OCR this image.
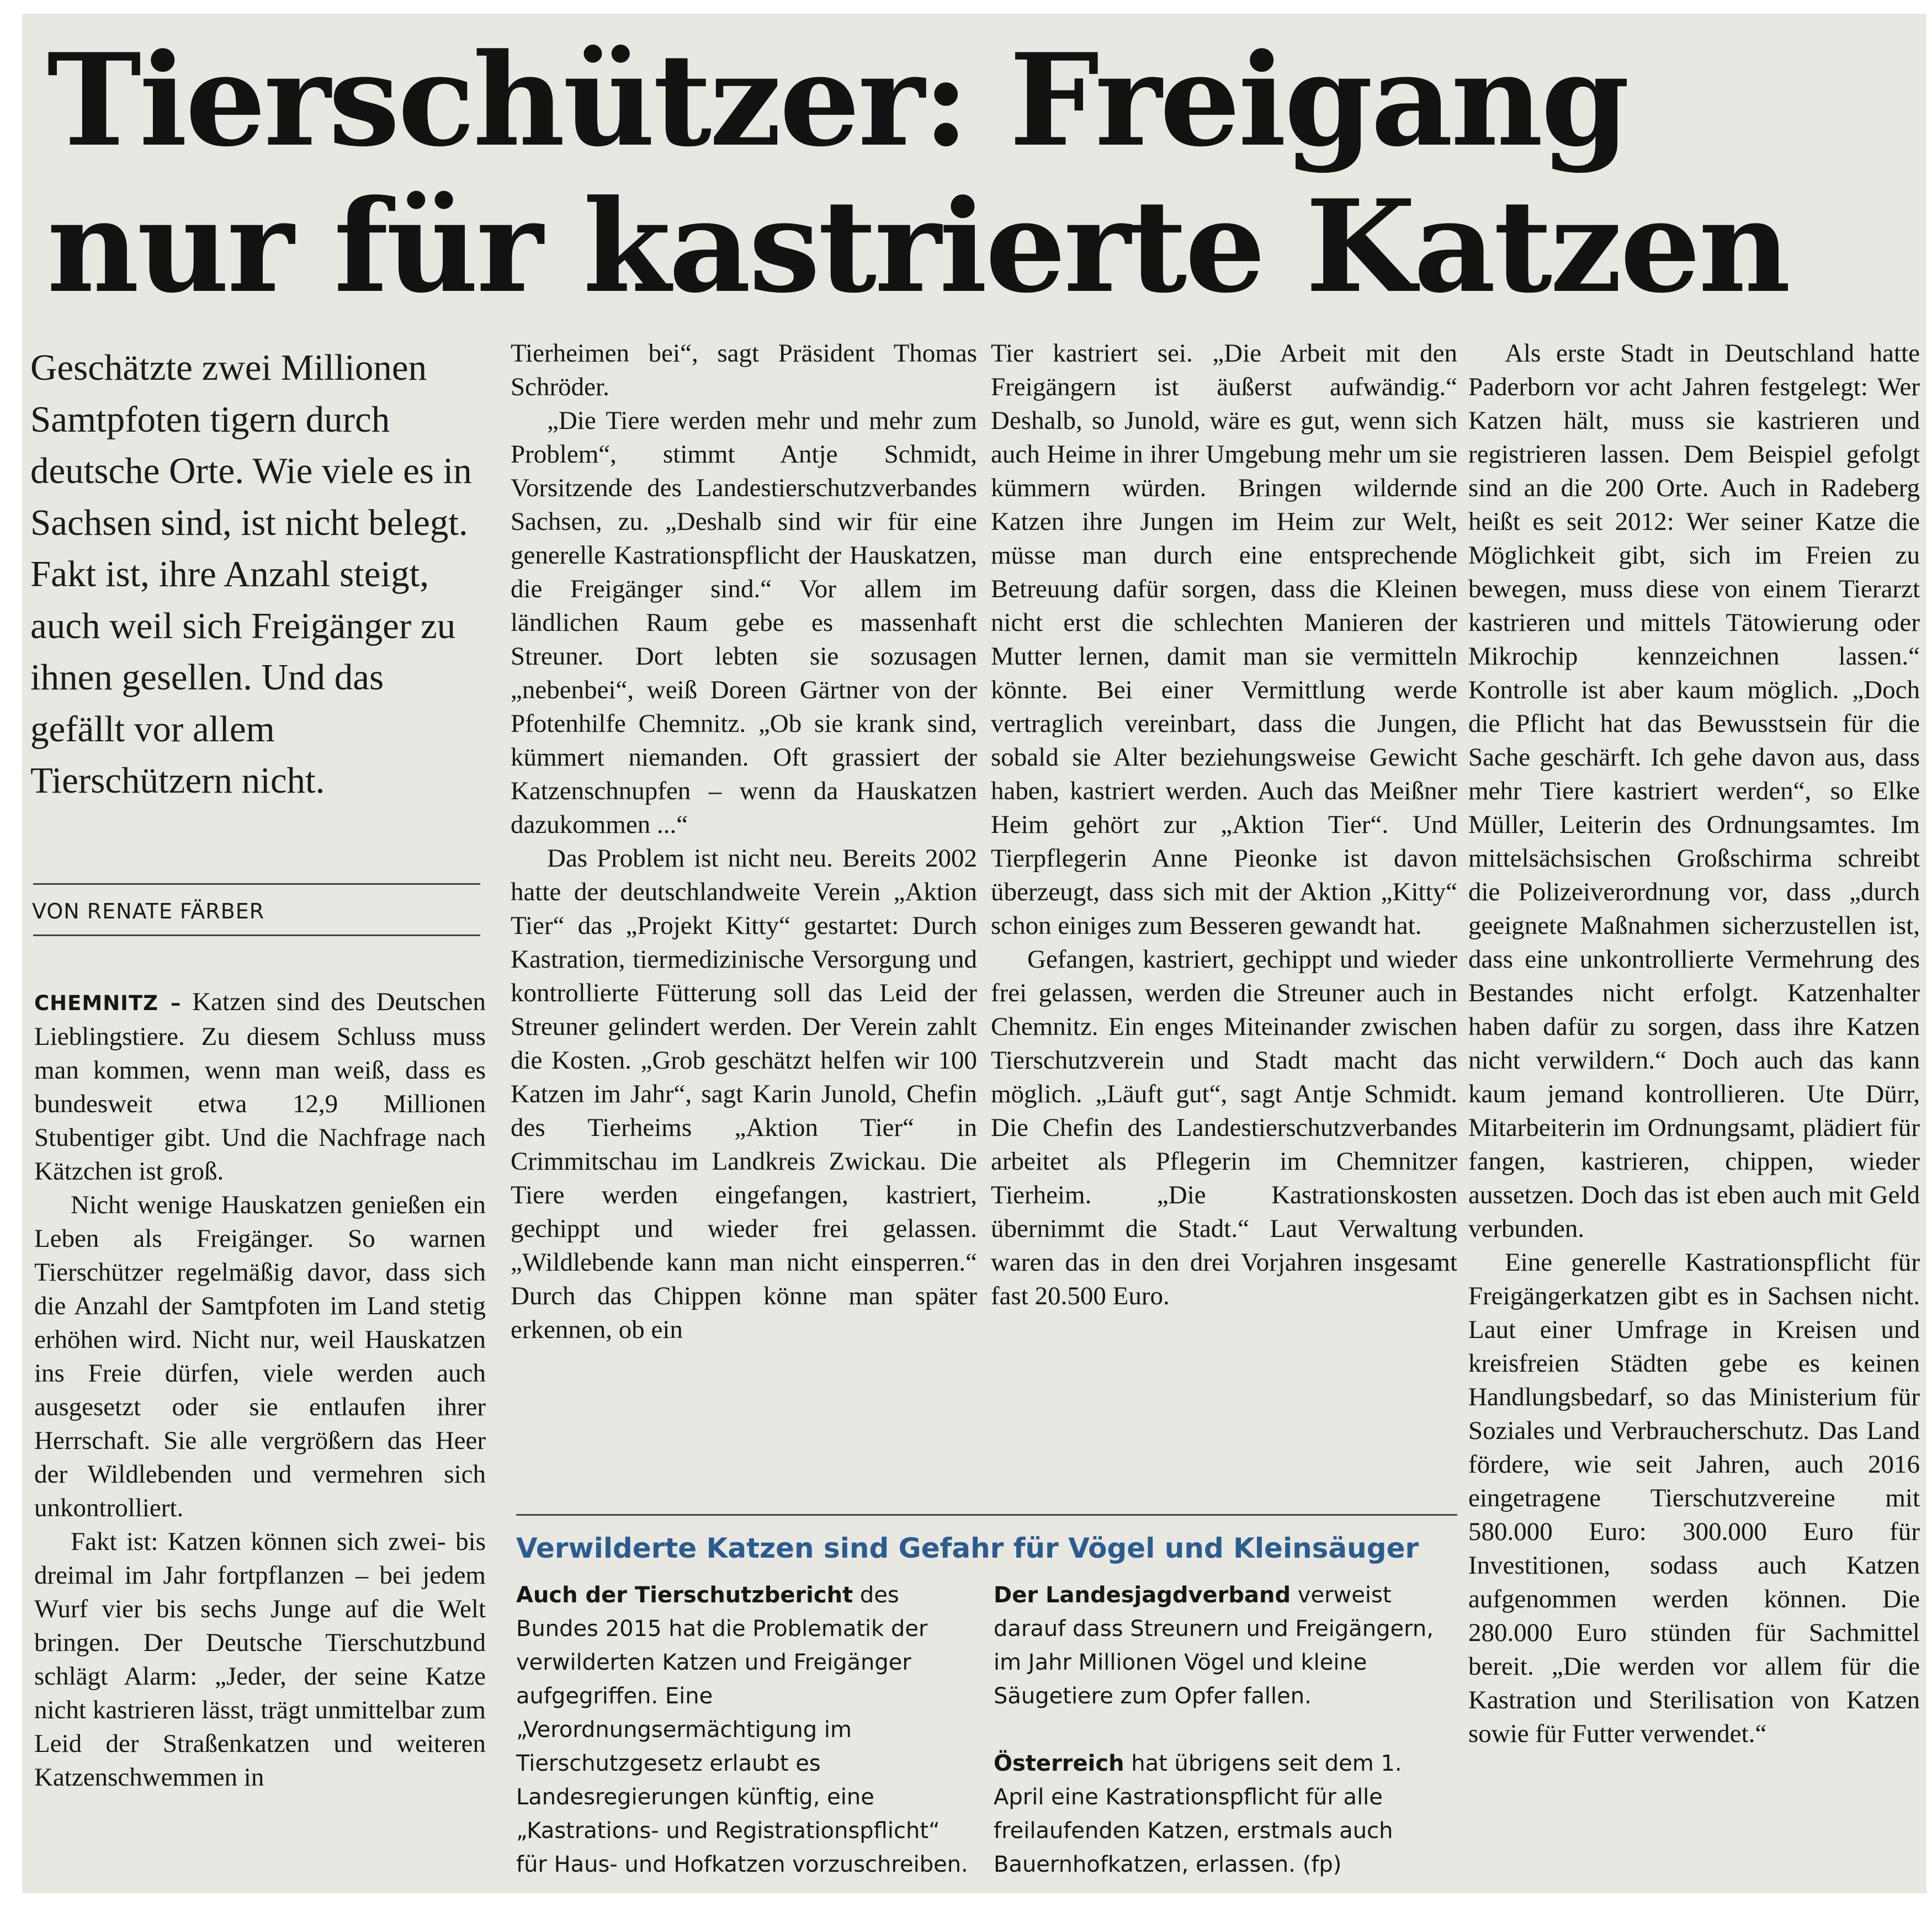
Tierschützer: Freigang
nur für kastrierte Katzen

Geschätzte zwei Millionen Samtpfoten tigern durch deutsche Orte. Wie viele es in Sachsen sind, ist nicht belegt. Fakt ist, ihre Anzahl steigt, auch weil sich Freigänger zu ihnen gesellen. Und das gefällt vor allem Tierschützern nicht.

VON RENATE FÄRBER

CHEMNITZ – Katzen sind des Deutschen Lieblingstiere. Zu diesem Schluss muss man kommen, wenn man weiß, dass es bundesweit etwa 12,9 Millionen Stubentiger gibt. Und die Nachfrage nach Kätzchen ist groß.

Nicht wenige Hauskatzen genießen ein Leben als Freigänger. So warnen Tierschützer regelmäßig davor, dass sich die Anzahl der Samtpfoten im Land stetig erhöhen wird. Nicht nur, weil Hauskatzen ins Freie dürfen, viele werden auch ausgesetzt oder sie entlaufen ihrer Herrschaft. Sie alle vergrößern das Heer der Wildlebenden und vermehren sich unkontrolliert.

Fakt ist: Katzen können sich zwei- bis dreimal im Jahr fortpflanzen – bei jedem Wurf vier bis sechs Junge auf die Welt bringen. Der Deutsche Tierschutzbund schlägt Alarm: „Jeder, der seine Katze nicht kastrieren lässt, trägt unmittelbar zum Leid der Straßenkatzen und weiteren Katzenschwemmen in

Tierheimen bei“, sagt Präsident Thomas Schröder.

„Die Tiere werden mehr und mehr zum Problem“, stimmt Antje Schmidt, Vorsitzende des Landestierschutzverbandes Sachsen, zu. „Deshalb sind wir für eine generelle Kastrationspflicht der Hauskatzen, die Freigänger sind.“ Vor allem im ländlichen Raum gebe es massenhaft Streuner. Dort lebten sie sozusagen „nebenbei“, weiß Doreen Gärtner von der Pfotenhilfe Chemnitz. „Ob sie krank sind, kümmert niemanden. Oft grassiert der Katzenschnupfen – wenn da Hauskatzen dazukommen ...“

Das Problem ist nicht neu. Bereits 2002 hatte der deutschlandweite Verein „Aktion Tier“ das „Projekt Kitty“ gestartet: Durch Kastration, tiermedizinische Versorgung und kontrollierte Fütterung soll das Leid der Streuner gelindert werden. Der Verein zahlt die Kosten. „Grob geschätzt helfen wir 100 Katzen im Jahr“, sagt Karin Junold, Chefin des Tierheims „Aktion Tier“ in Crimmitschau im Landkreis Zwickau. Die Tiere werden eingefangen, kastriert, gechippt und wieder frei gelassen. „Wildlebende kann man nicht einsperren.“ Durch das Chippen könne man später erkennen, ob ein

Tier kastriert sei. „Die Arbeit mit den Freigängern ist äußerst aufwändig.“ Deshalb, so Junold, wäre es gut, wenn sich auch Heime in ihrer Umgebung mehr um sie kümmern würden. Bringen wildernde Katzen ihre Jungen im Heim zur Welt, müsse man durch eine entsprechende Betreuung dafür sorgen, dass die Kleinen nicht erst die schlechten Manieren der Mutter lernen, damit man sie vermitteln könnte. Bei einer Vermittlung werde vertraglich vereinbart, dass die Jungen, sobald sie Alter beziehungsweise Gewicht haben, kastriert werden. Auch das Meißner Heim gehört zur „Aktion Tier“. Und Tierpflegerin Anne Pieonke ist davon überzeugt, dass sich mit der Aktion „Kitty“ schon einiges zum Besseren gewandt hat.

Gefangen, kastriert, gechippt und wieder frei gelassen, werden die Streuner auch in Chemnitz. Ein enges Miteinander zwischen Tierschutzverein und Stadt macht das möglich. „Läuft gut“, sagt Antje Schmidt. Die Chefin des Landestierschutzverbandes arbeitet als Pflegerin im Chemnitzer Tierheim. „Die Kastrationskosten übernimmt die Stadt.“ Laut Verwaltung waren das in den drei Vorjahren insgesamt fast 20.500 Euro.

Als erste Stadt in Deutschland hatte Paderborn vor acht Jahren festgelegt: Wer Katzen hält, muss sie kastrieren und registrieren lassen. Dem Beispiel gefolgt sind an die 200 Orte. Auch in Radeberg heißt es seit 2012: Wer seiner Katze die Möglichkeit gibt, sich im Freien zu bewegen, muss diese von einem Tierarzt kastrieren und mittels Tätowierung oder Mikrochip kennzeichnen lassen.“ Kontrolle ist aber kaum möglich. „Doch die Pflicht hat das Bewusstsein für die Sache geschärft. Ich gehe davon aus, dass mehr Tiere kastriert werden“, so Elke Müller, Leiterin des Ordnungsamtes. Im mittelsächsischen Großschirma schreibt die Polizeiverordnung vor, dass „durch geeignete Maßnahmen sicherzustellen ist, dass eine unkontrollierte Vermehrung des Bestandes nicht erfolgt. Katzenhalter haben dafür zu sorgen, dass ihre Katzen nicht verwildern.“ Doch auch das kann kaum jemand kontrollieren. Ute Dürr, Mitarbeiterin im Ordnungsamt, plädiert für fangen, kastrieren, chippen, wieder aussetzen. Doch das ist eben auch mit Geld verbunden.

Eine generelle Kastrationspflicht für Freigängerkatzen gibt es in Sachsen nicht. Laut einer Umfrage in Kreisen und kreisfreien Städten gebe es keinen Handlungsbedarf, so das Ministerium für Soziales und Verbraucherschutz. Das Land fördere, wie seit Jahren, auch 2016 eingetragene Tierschutzvereine mit 580.000 Euro: 300.000 Euro für Investitionen, sodass auch Katzen aufgenommen werden können. Die 280.000 Euro stünden für Sachmittel bereit. „Die werden vor allem für die Kastration und Sterilisation von Katzen sowie für Futter verwendet.“

Verwilderte Katzen sind Gefahr für Vögel und Kleinsäuger

Auch der Tierschutzbericht des Bundes 2015 hat die Problematik der verwilderten Katzen und Freigänger aufgegriffen. Eine „Verordnungsermächtigung im Tierschutzgesetz erlaubt es Landesregierungen künftig, eine „Kastrations- und Registrationspflicht“ für Haus- und Hofkatzen vorzuschreiben.

Der Landesjagdverband verweist darauf dass Streunern und Freigängern, im Jahr Millionen Vögel und kleine Säugetiere zum Opfer fallen.

Österreich hat übrigens seit dem 1. April eine Kastrationspflicht für alle freilaufenden Katzen, erstmals auch Bauernhofkatzen, erlassen. (fp)
